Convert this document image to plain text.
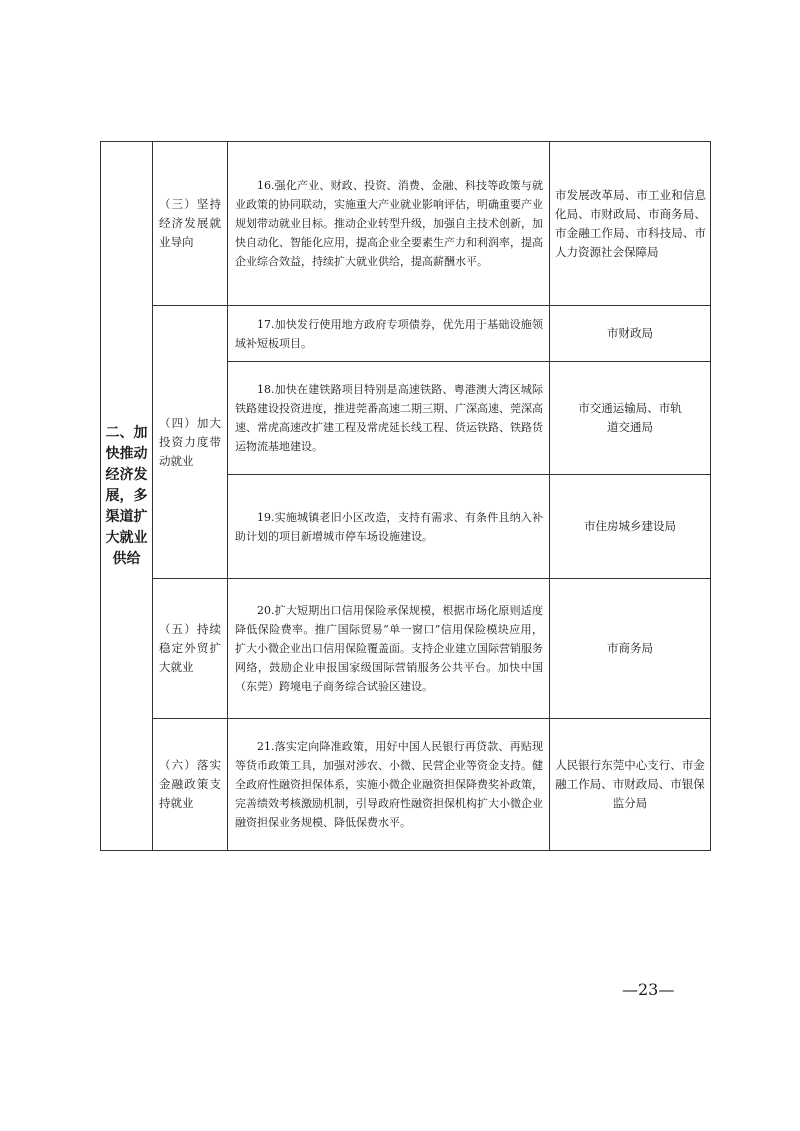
二、加快推动经济发展，多渠道扩大就业供给	（三）坚持经济发展就业导向	16.强化产业、财政、投资、消费、金融、科技等政策与就业政策的协同联动，实施重大产业就业影响评估，明确重要产业规划带动就业目标。推动企业转型升级，加强自主技术创新，加快自动化、智能化应用，提高企业全要素生产力和利润率，提高企业综合效益，持续扩大就业供给，提高薪酬水平。	市发展改革局、市工业和信息化局、市财政局、市商务局、市金融工作局、市科技局、市人力资源社会保障局

	（四）加大投资力度带动就业	17.加快发行使用地方政府专项债券，优先用于基础设施领域补短板项目。	市财政局

		18.加快在建铁路项目特别是高速铁路、粤港澳大湾区城际铁路建设投资进度，推进莞番高速二期三期、广深高速、莞深高速、常虎高速改扩建工程及常虎延长线工程、货运铁路、铁路货运物流基地建设。	市交通运输局、市轨道交通局

		19.实施城镇老旧小区改造，支持有需求、有条件且纳入补助计划的项目新增城市停车场设施建设。	市住房城乡建设局

	（五）持续稳定外贸扩大就业	20.扩大短期出口信用保险承保规模，根据市场化原则适度降低保险费率。推广国际贸易“单一窗口”信用保险模块应用，扩大小微企业出口信用保险覆盖面。支持企业建立国际营销服务网络，鼓励企业申报国家级国际营销服务公共平台。加快中国（东莞）跨境电子商务综合试验区建设。	市商务局

	（六）落实金融政策支持就业	21.落实定向降准政策，用好中国人民银行再贷款、再贴现等货币政策工具，加强对涉农、小微、民营企业等资金支持。健全政府性融资担保体系，实施小微企业融资担保降费奖补政策，完善绩效考核激励机制，引导政府性融资担保机构扩大小微企业融资担保业务规模、降低保费水平。	人民银行东莞中心支行、市金融工作局、市财政局、市银保监分局
—23—
